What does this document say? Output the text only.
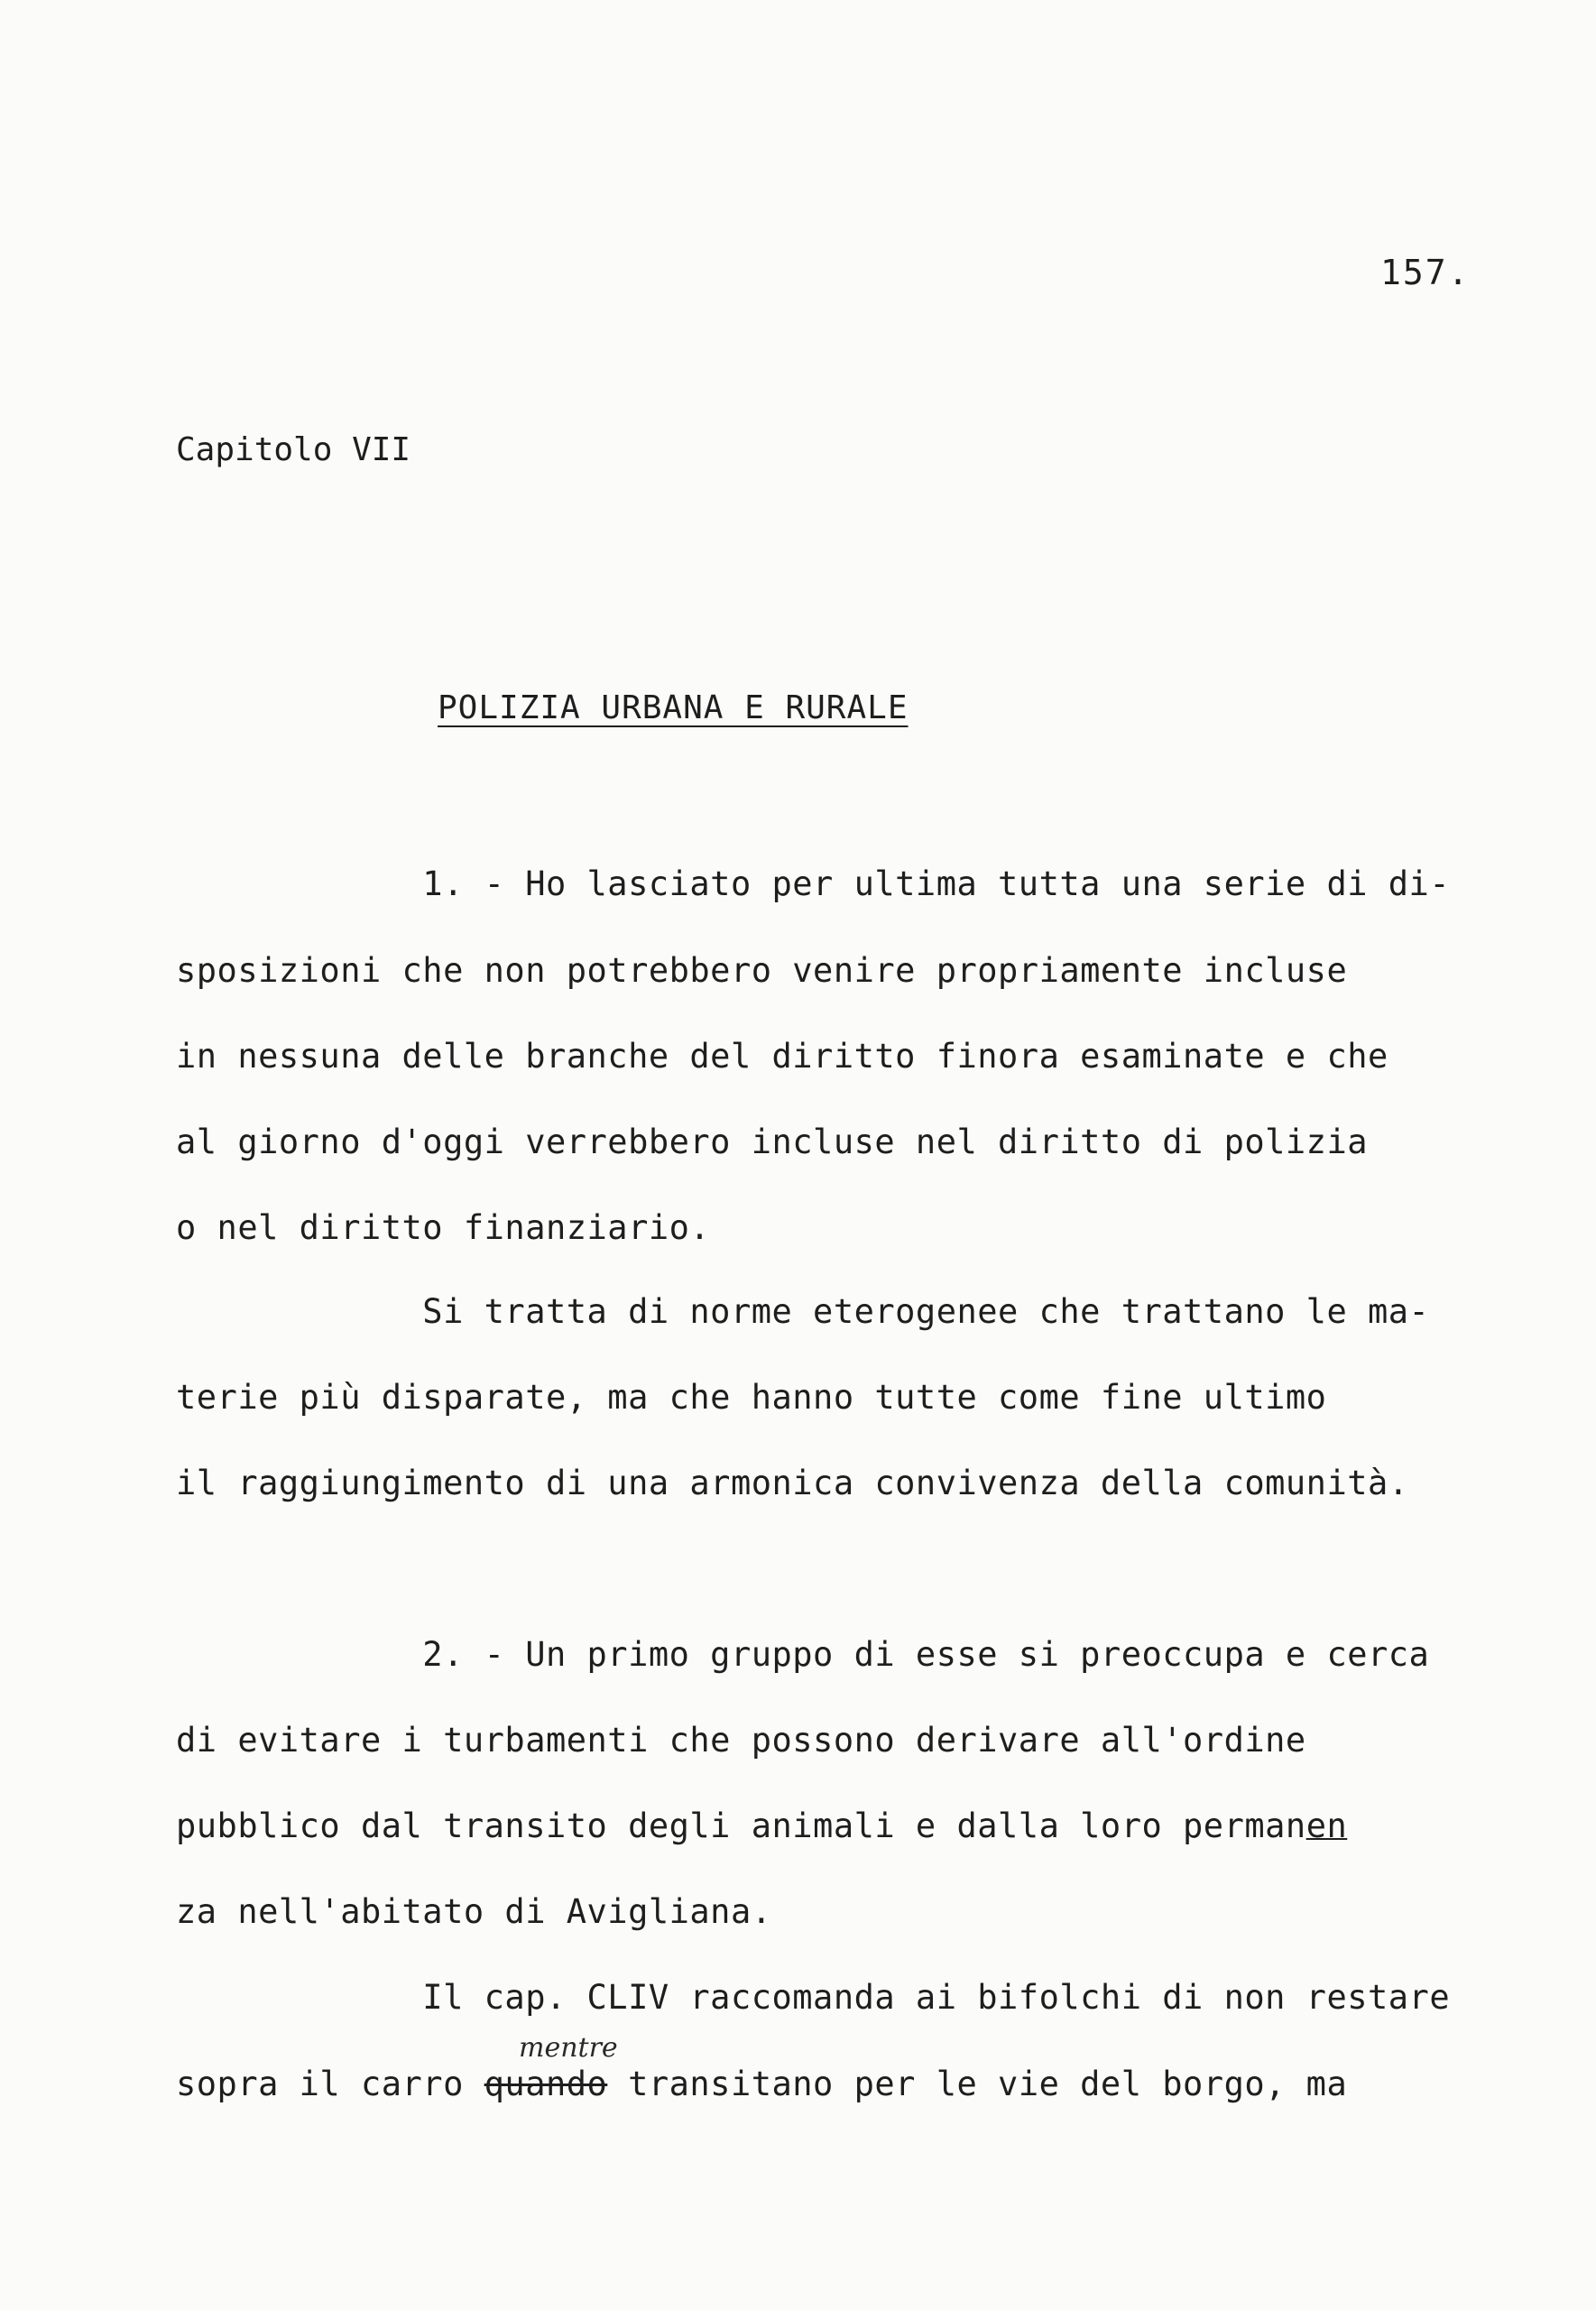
157.
Capitolo VII
POLIZIA URBANA E RURALE
1. - Ho lasciato per ultima tutta una serie di di-
sposizioni che non potrebbero venire propriamente incluse
in nessuna delle branche del diritto finora esaminate e che
al giorno d'oggi verrebbero incluse nel diritto di polizia
o nel diritto finanziario.
Si tratta di norme eterogenee che trattano le ma-
terie più disparate, ma che hanno tutte come fine ultimo
il raggiungimento di una armonica convivenza della comunità.
2. - Un primo gruppo di esse si preoccupa e cerca
di evitare i turbamenti che possono derivare all'ordine
pubblico dal transito degli animali e dalla loro permanen
za nell'abitato di Avigliana.
Il cap. CLIV raccomanda ai bifolchi di non restare
mentre
sopra il carro quando transitano per le vie del borgo, ma
